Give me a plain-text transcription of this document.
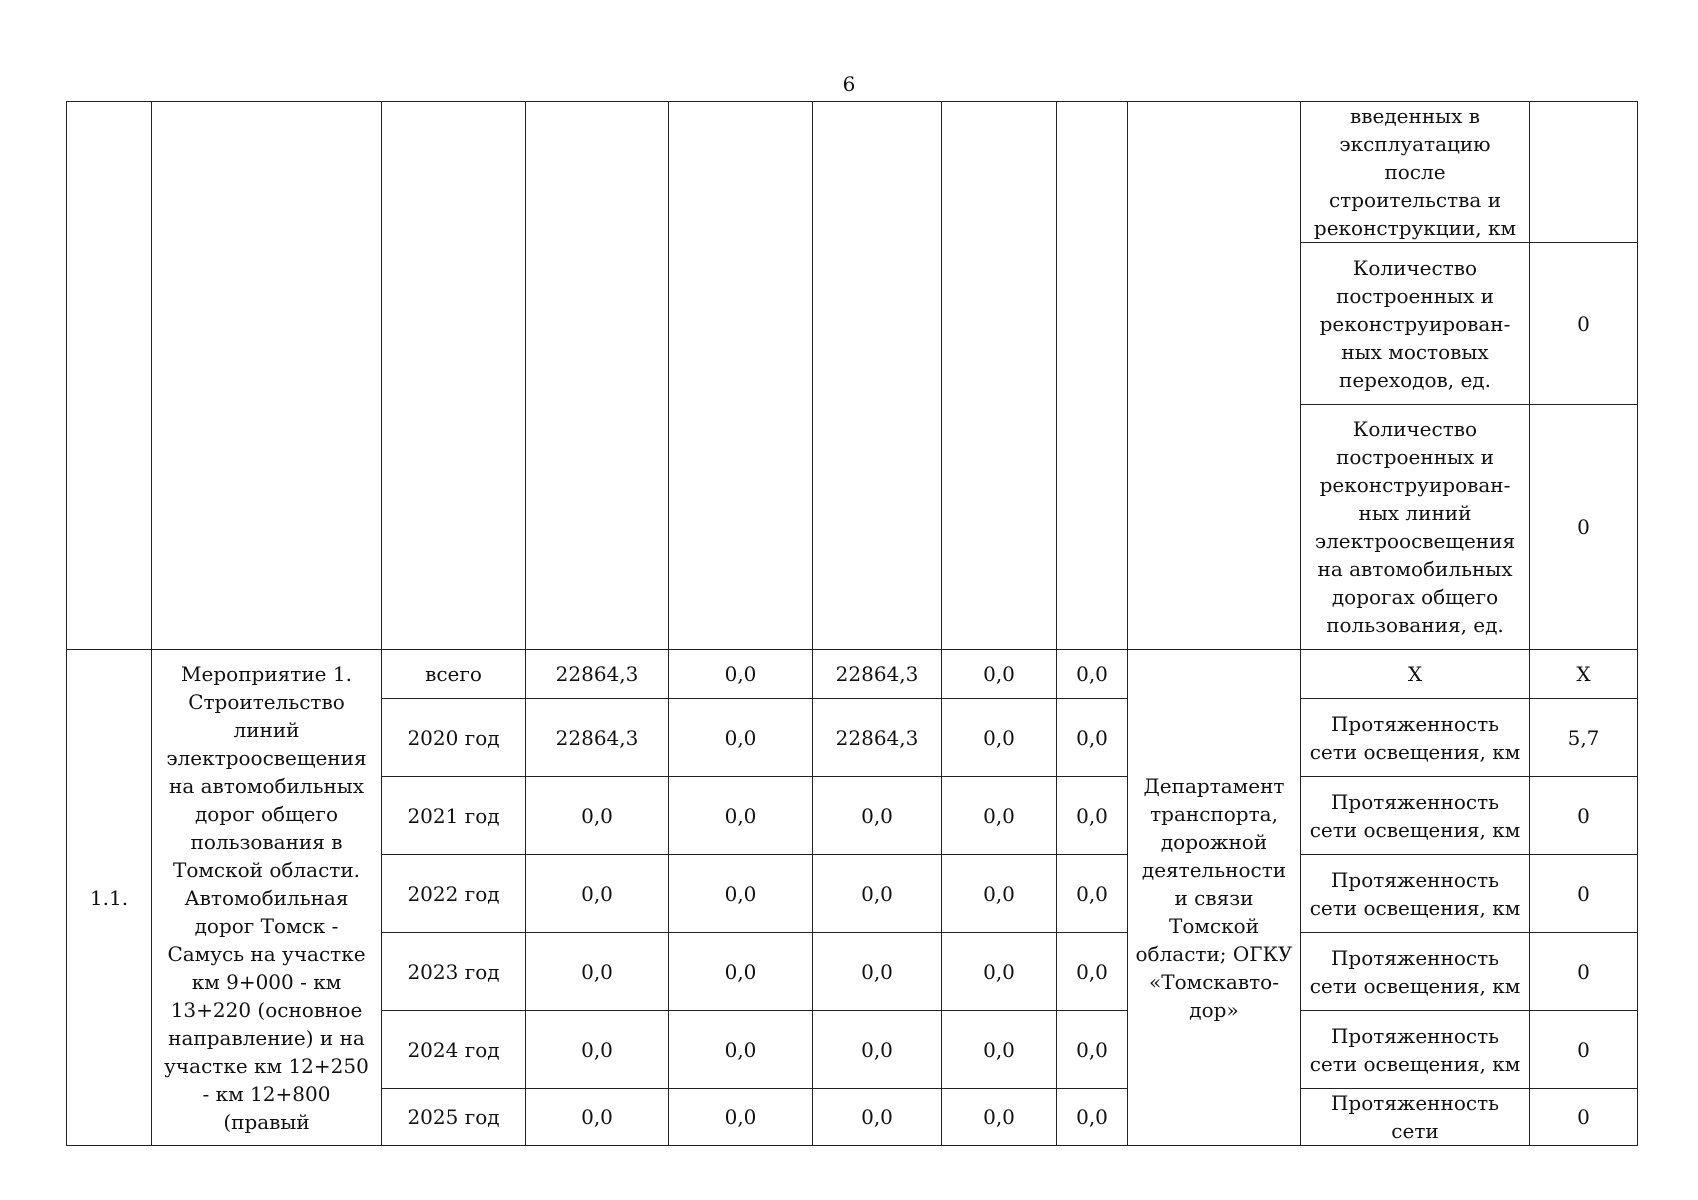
6
									введенных в эксплуатацию после строительства и реконструкции, км	
									Количество построенных и реконструирован-ных мостовых переходов, ед.	0
									Количество построенных и реконструирован-ных линий электроосвещения на автомобильных дорогах общего пользования, ед.	0
1.1.	Мероприятие 1. Строительство линий электроосвещения на автомобильных дорог общего пользования в Томской области. Автомобильная дорог Томск - Самусь на участке км 9+000 - км 13+220 (основное направление) и на участке км 12+250 - км 12+800 (правый	всего	22864,3	0,0	22864,3	0,0	0,0	Департамент транспорта, дорожной деятельности и связи Томской области; ОГКУ «Томскавто-дор»	X	X
		2020 год	22864,3	0,0	22864,3	0,0	0,0		Протяженность сети освещения, км	5,7
		2021 год	0,0	0,0	0,0	0,0	0,0		Протяженность сети освещения, км	0
		2022 год	0,0	0,0	0,0	0,0	0,0		Протяженность сети освещения, км	0
		2023 год	0,0	0,0	0,0	0,0	0,0		Протяженность сети освещения, км	0
		2024 год	0,0	0,0	0,0	0,0	0,0		Протяженность сети освещения, км	0
		2025 год	0,0	0,0	0,0	0,0	0,0		Протяженность сети	0
